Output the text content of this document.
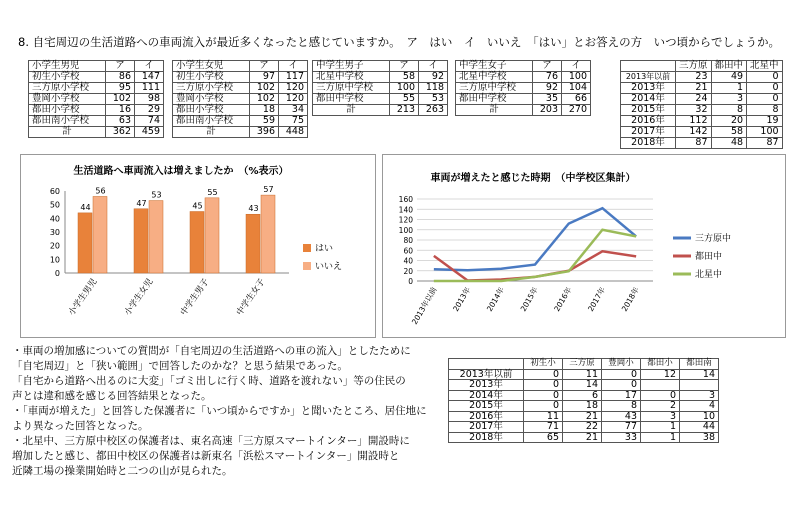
8. 自宅周辺の生活道路への車両流入が最近多くなったと感じていますか。　ア　はい　イ　いいえ　「はい」とお答えの方　いつ頃からでしょうか。
小学生男児	ア	イ
初生小学校	86	147
三方原小学校	95	111
豊岡小学校	102	98
都田小学校	16	29
都田南小学校	63	74
計	362	459
小学生女児	ア	イ
初生小学校	97	117
三方原小学校	102	120
豊岡小学校	102	120
都田小学校	18	34
都田南小学校	59	75
計	396	448
中学生男子	ア	イ
北星中学校	58	92
三方原中学校	100	118
都田中学校	55	53
計	213	263
中学生女子	ア	イ
北星中学校	76	100
三方原中学校	92	104
都田中学校	35	66
計	203	270
	三方原	都田中	北星中
2013年以前	23	49	0
2013年	21	1	0
2014年	24	3	0
2015年	32	8	8
2016年	112	20	19
2017年	142	58	100
2018年	87	48	87
生活道路へ車両流入は増えましたか　（%表示）
0
10
20
30
40
50
60
44
56
小学生男児
47
53
小学生女児
45
55
中学生男子
43
57
中学生女子
はい
いいえ
車両が増えたと感じた時期　（中学校区集計）
0
20
40
60
80
100
120
140
160
2013年以前 2013年 2014年 2015年 2016年 2017年 2018年
三方原中
都田中
北星中

・車両の増加感についての質問が「自宅周辺の生活道路への車の流入」としたために

「自宅周辺」と「狭い範囲」で回答したのかな？と思う結果であった。

「自宅から道路へ出るのに大変」「ゴミ出しに行く時、道路を渡れない」等の住民の

声とは違和感を感じる回答結果となった。

・「車両が増えた」と回答した保護者に「いつ頃からですか」と聞いたところ、居住地に

より異なった回答となった。

・北星中、三方原中校区の保護者は、東名高速「三方原スマートインター」開設時に

増加したと感じ、都田中校区の保護者は新東名「浜松スマートインター」開設時と

近隣工場の操業開始時と二つの山が見られた。

	初生小	三方原	豊岡小	都田小	都田南
2013年以前	0	11	0	12	14
2013年	0	14	0		
2014年	0	6	17	0	3
2015年	0	18	8	2	4
2016年	11	21	43	3	10
2017年	71	22	77	1	44
2018年	65	21	33	1	38
